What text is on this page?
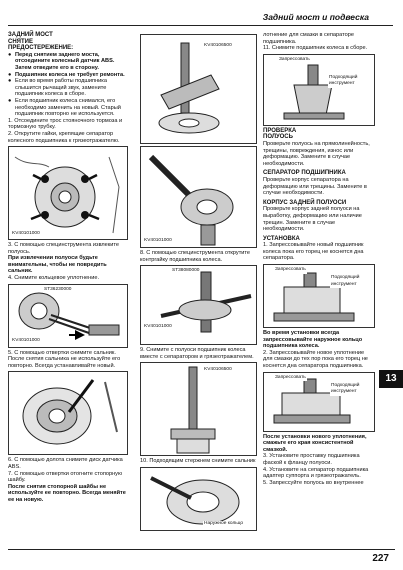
Задний мост и подвеска
ЗАДНИЙ МОСТ
СНЯТИЕ
ПРЕДОСТЕРЕЖЕНИЕ:
● Перед снятием заднего моста, отсоедините колесный датчик ABS. Затем отведите его в сторону.
● Подшипник колеса не требует ремонта.
● Если во время работы подшипника слышится рычащий звук, замените подшипник колеса в сборе.
● Если подшипник колеса снимался, его необходимо заменить на новый. Старый подшипник повторно не используется.
1. Отсоедините трос стояночного тормоза и тормозную трубку.
2. Открутите гайки, крепящие сепаратор колесного подшипника к грязеотражателю.
KV40101000
3. С помощью специнструмента извлеките полуось.
При извлечении полуоси будьте внимательны, чтобы не повредить сальник.
4. Снимите кольцевое уплотнение.
ST36230000
KV40101000
5. С помощью отвертки снимите сальник. После снятия сальника не используйте его повторно. Всегда устанавливайте новый.
6. С помощью долота снимите диск датчика ABS.
7. С помощью отвертки отогните стопорную шайбу.
После снятия стопорной шайбы не используйте ее повторно. Всегда меняйте ее на новую.
KV40106500
KV40101000
8. С помощью специнструмента открутите контргайку подшипника колеса.
ST38080000
KV40101000
9. Снимите с полуоси подшипник колеса вместе с сепаратором и грязеотражателем.
KV40106500
10. Подходящим стержнем снимите сальник
Наружное кольцо
лотнение для смазки в сепараторе подшипника.
11. Снимите подшипник колеса в сборе.
Запрессовать
Подходящий инструмент
ПРОВЕРКА
ПОЛУОСЬ
Проверьте полуось на прямолинейность, трещины, повреждения, износ или деформацию. Замените в случае необходимости.
СЕПАРАТОР ПОДШИПНИКА
Проверьте корпус сепаратора на деформацию или трещины. Замените в случае необходимости.
КОРПУС ЗАДНЕЙ ПОЛУОСИ
Проверьте корпус задней полуоси на выработку, деформацию или наличие трещин. Замените в случае необходимости.
УСТАНОВКА
1. Запрессовывайте новый подшипник колеса пока его торец не коснется дна сепаратора.
Запрессовать
Подходящий инструмент
Во время установки всегда запрессовывайте наружное кольцо подшипника колеса.
2. Запрессовывайте новое уплотнение для смазки до тех пор пока его торец не коснется дна сепаратора подшипника.
Запрессовать
Подходящий инструмент
После установки нового уплотнения, смажьте его края консистентной смазкой.
3. Установите проставку подшипника фаской к фланцу полуоси.
4. Установите на сепаратор подшипника адаптер суппорта и грязеотражатель.
5. Запрессуйте полуось во внутреннее
13
227
